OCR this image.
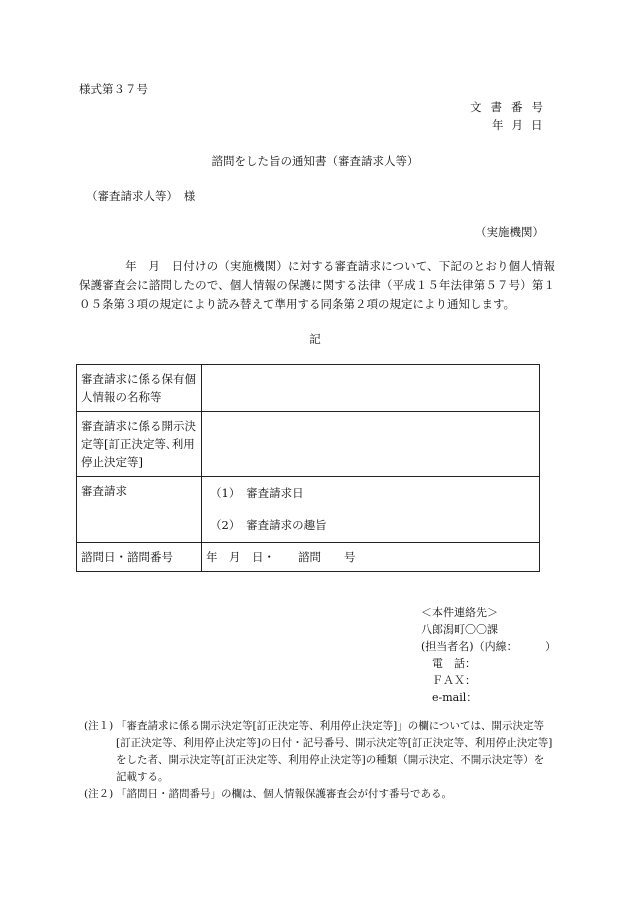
様式第３７号
文書番号
年月日
諮問をした旨の通知書（審査請求人等）
（審査請求人等）　様
（実施機関）
年　月　日付けの（実施機関）に対する審査請求について、下記のとおり個人情報保護審査会に諮問したので、個人情報の保護に関する法律（平成１５年法律第５７号）第１０５条第３項の規定により読み替えて準用する同条第２項の規定により通知します。
記
審査請求に係る保有個人情報の名称等	
審査請求に係る開示決定等[訂正決定等､利用停止決定等]	
審査請求	（1）　審査請求日
（2）　審査請求の趣旨

諮問日・諮問番号	年　月　日・　　諮問　　号
＜本件連絡先＞
八郎潟町〇〇課
(担当者名)（内線：　　　）
　電　話：
　ＦＡＸ：
　e-mail：
(注１) 「審査請求に係る開示決定等[訂正決定等、利用停止決定等]」の欄については、開示決定等[訂正決定等、利用停止決定等]の日付・記号番号、開示決定等[訂正決定等、利用停止決定等]をした者、開示決定等[訂正決定等、利用停止決定等]の種類（開示決定、不開示決定等）を記載する。
(注２) 「諮問日・諮問番号」の欄は、個人情報保護審査会が付す番号である。
